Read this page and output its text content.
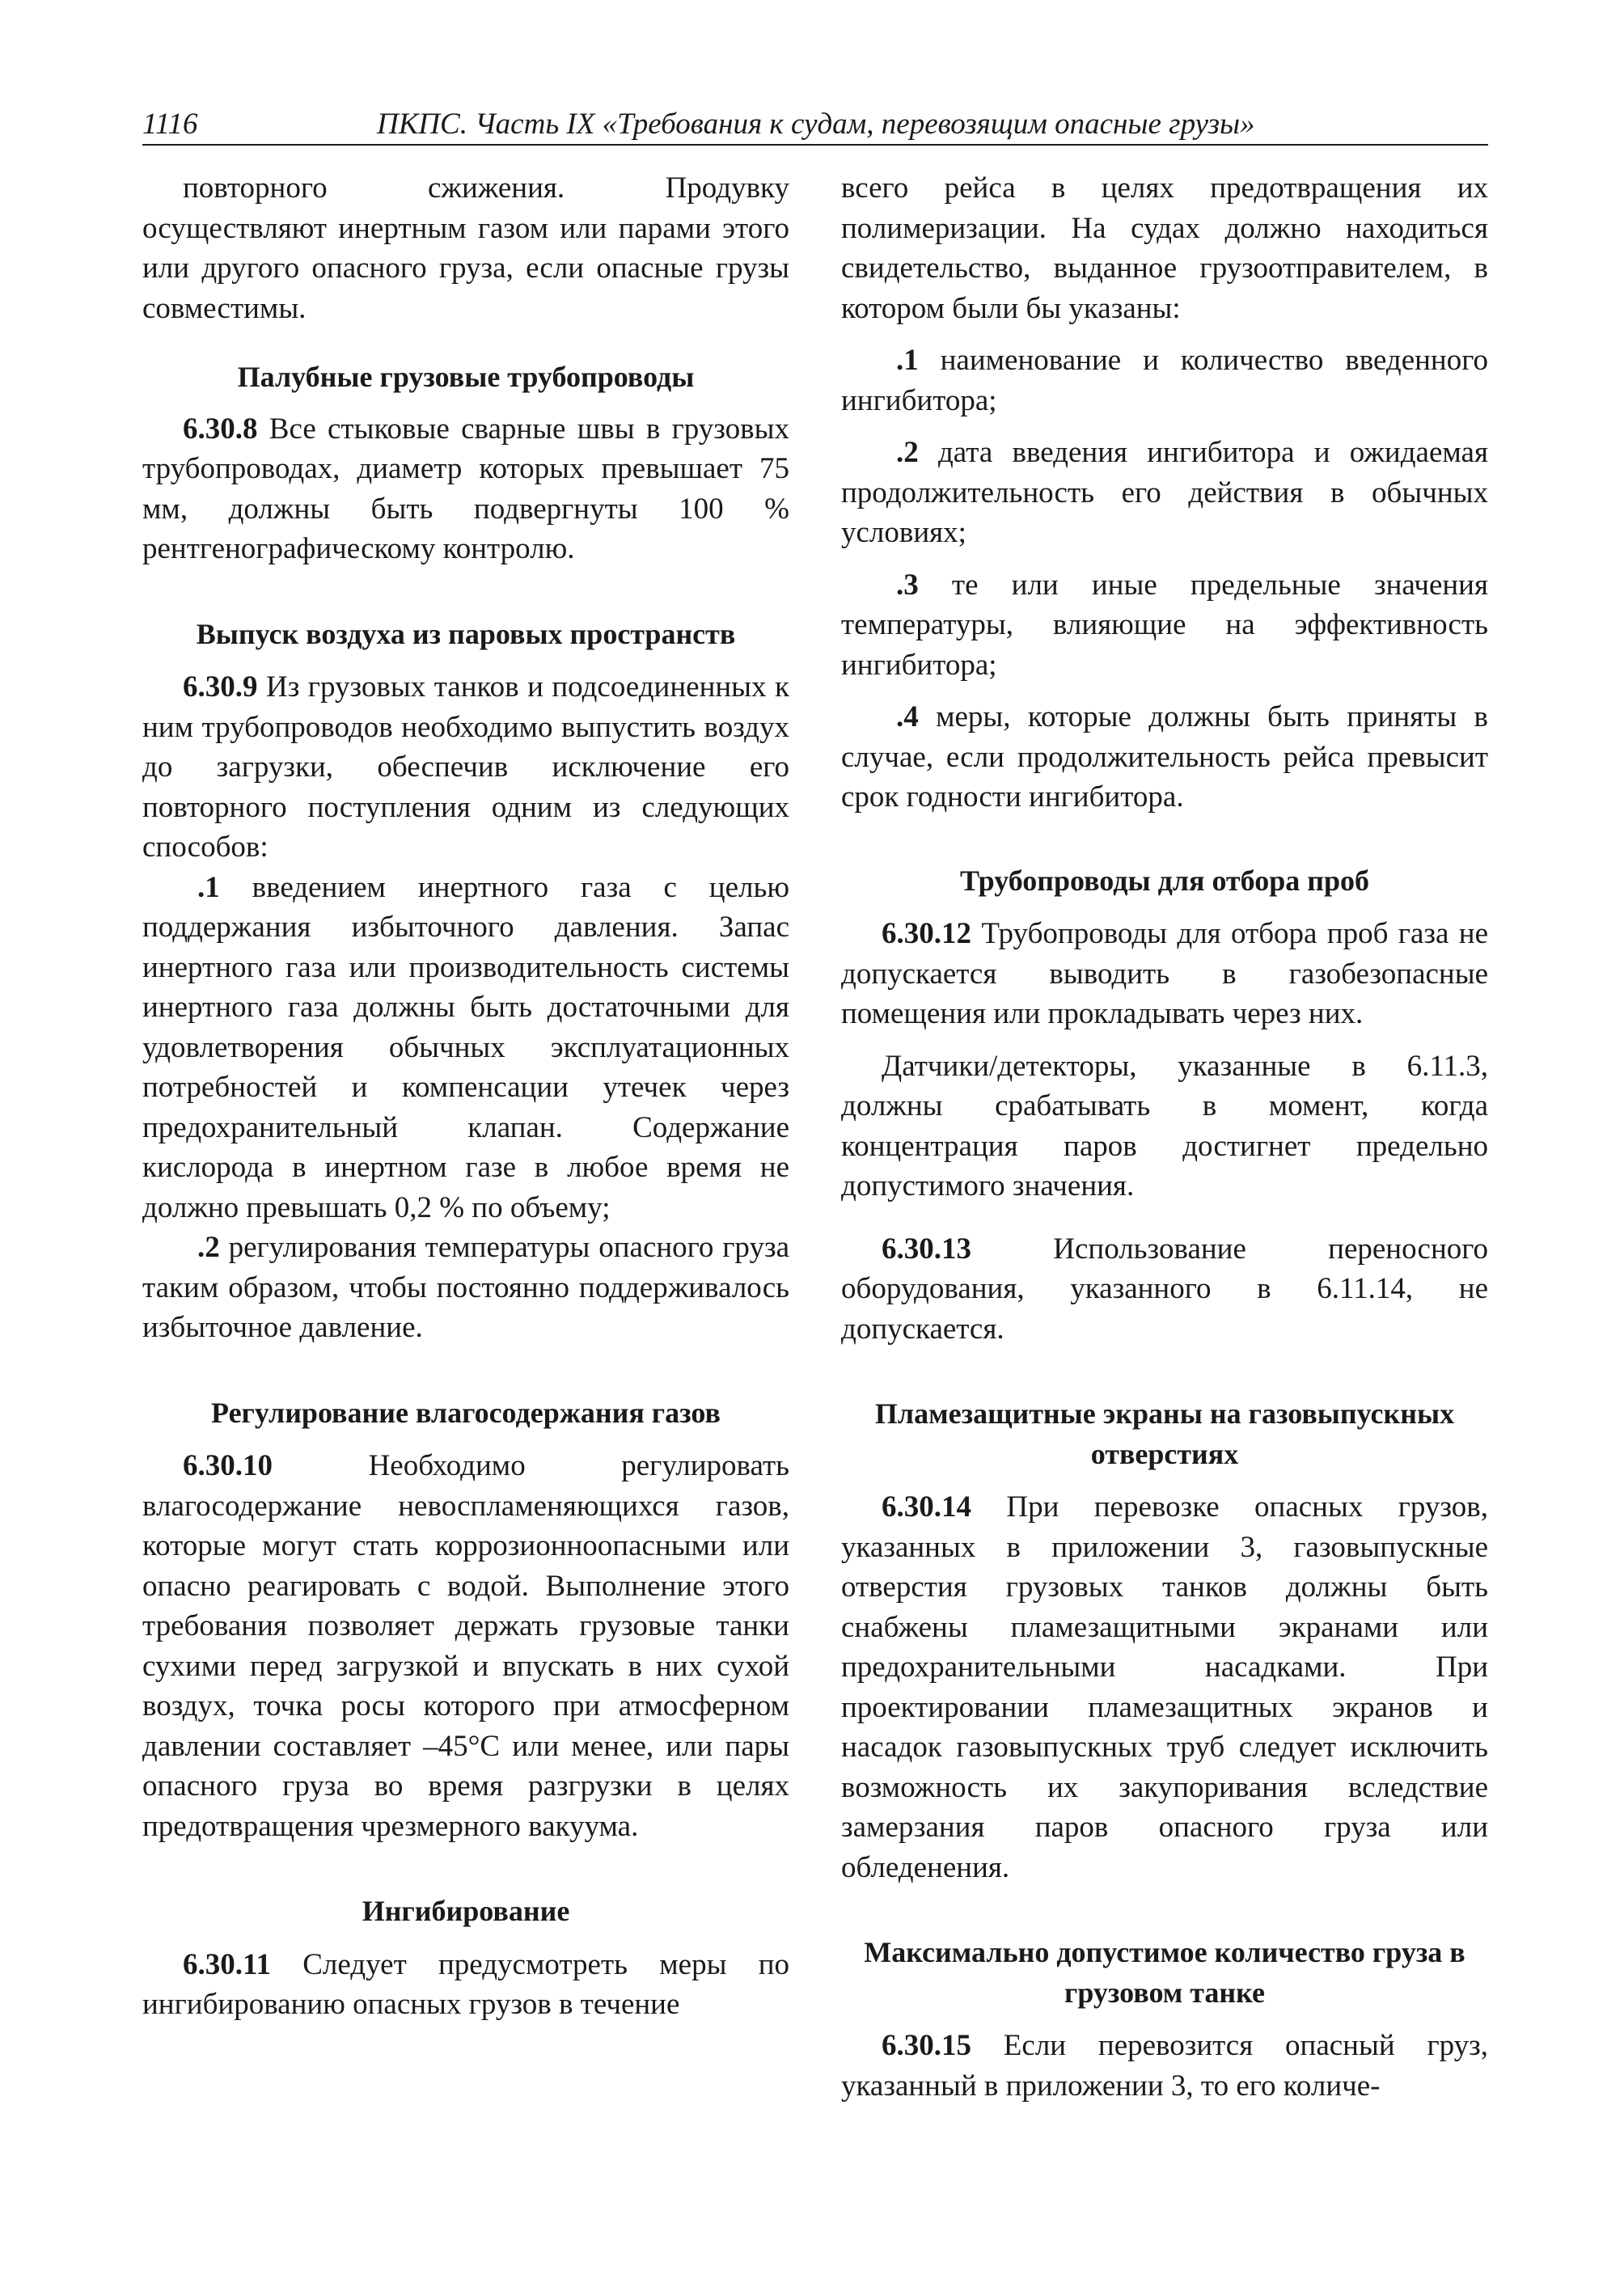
1116	ПКПС. Часть IX «Требования к судам, перевозящим опасные грузы»

повторного сжижения. Продувку осуществляют инертным газом или парами этого или другого опасного груза, если опасные грузы совместимы.

Палубные грузовые трубопроводы

6.30.8 Все стыковые сварные швы в грузовых трубопроводах, диаметр которых превышает 75 мм, должны быть подвергнуты 100 % рентгенографическому контролю.

Выпуск воздуха из паровых пространств

6.30.9 Из грузовых танков и подсоединенных к ним трубопроводов необходимо выпустить воздух до загрузки, обеспечив исключение его повторного поступления одним из следующих способов:

.1 введением инертного газа с целью поддержания избыточного давления. Запас инертного газа или производительность системы инертного газа должны быть достаточными для удовлетворения обычных эксплуатационных потребностей и компенсации утечек через предохранительный клапан. Содержание кислорода в инертном газе в любое время не должно превышать 0,2 % по объему;

.2 регулирования температуры опасного груза таким образом, чтобы постоянно поддерживалось избыточное давление.

Регулирование влагосодержания газов

6.30.10 Необходимо регулировать влагосодержание невоспламеняющихся газов, которые могут стать коррозионноопасными или опасно реагировать с водой. Выполнение этого требования позволяет держать грузовые танки сухими перед загрузкой и впускать в них сухой воздух, точка росы которого при атмосферном давлении составляет –45°C или менее, или пары опасного груза во время разгрузки в целях предотвращения чрезмерного вакуума.

Ингибирование

6.30.11 Следует предусмотреть меры по ингибированию опасных грузов в течение

всего рейса в целях предотвращения их полимеризации. На судах должно находиться свидетельство, выданное грузоотправителем, в котором были бы указаны:

.1 наименование и количество введенного ингибитора;

.2 дата введения ингибитора и ожидаемая продолжительность его действия в обычных условиях;

.3 те или иные предельные значения температуры, влияющие на эффективность ингибитора;

.4 меры, которые должны быть приняты в случае, если продолжительность рейса превысит срок годности ингибитора.

Трубопроводы для отбора проб

6.30.12 Трубопроводы для отбора проб газа не допускается выводить в газобезопасные помещения или прокладывать через них.

Датчики/детекторы, указанные в 6.11.3, должны срабатывать в момент, когда концентрация паров достигнет предельно допустимого значения.

6.30.13 Использование переносного оборудования, указанного в 6.11.14, не допускается.

Пламезащитные экраны на газовыпускных отверстиях

6.30.14 При перевозке опасных грузов, указанных в приложении 3, газовыпускные отверстия грузовых танков должны быть снабжены пламезащитными экранами или предохранительными насадками. При проектировании пламезащитных экранов и насадок газовыпускных труб следует исключить возможность их закупоривания вследствие замерзания паров опасного груза или обледенения.

Максимально допустимое количество груза в грузовом танке

6.30.15 Если перевозится опасный груз, указанный в приложении 3, то его количе-
